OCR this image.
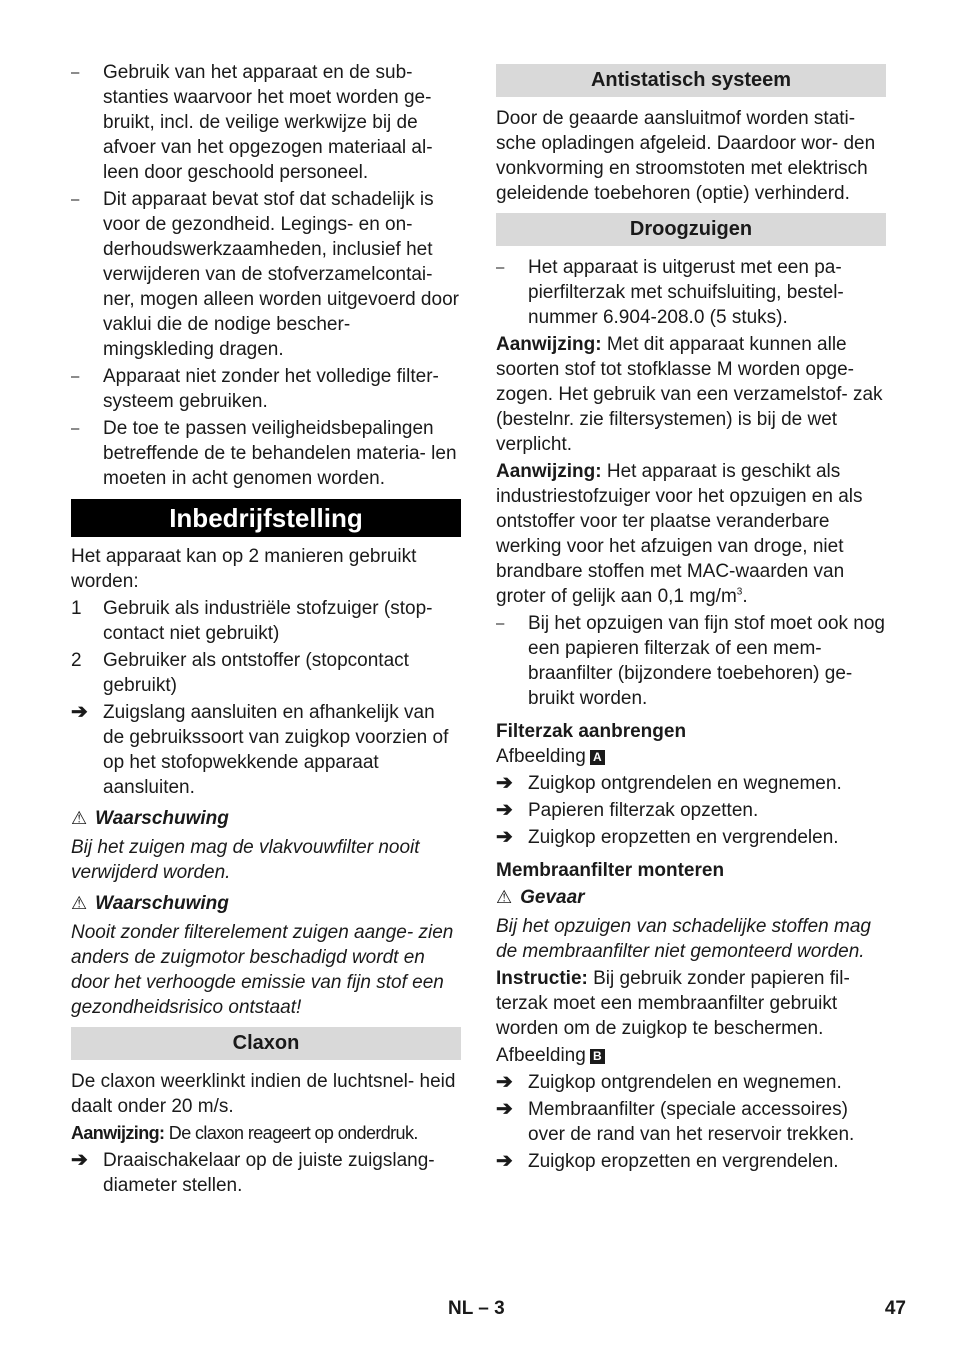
–	Gebruik van het apparaat en de sub- stanties waarvoor het moet worden ge- bruikt, incl. de veilige werkwijze bij de afvoer van het opgezogen materiaal al- leen door geschoold personeel.
–	Dit apparaat bevat stof dat schadelijk is voor de gezondheid. Legings- en on- derhoudswerkzaamheden, inclusief het verwijderen van de stofverzamelcontai- ner, mogen alleen worden uitgevoerd door vaklui die de nodige bescher- mingskleding dragen.
–	Apparaat niet zonder het volledige filter- systeem gebruiken.
–	De toe te passen veiligheidsbepalingen betreffende de te behandelen materia- len moeten in acht genomen worden.
Inbedrijfstelling

Het apparaat kan op 2 manieren gebruikt worden:

1	Gebruik als industriële stofzuiger (stop- contact niet gebruikt)
2	Gebruiker als ontstoffer (stopcontact gebruikt)
➔ Zuigslang aansluiten en afhankelijk van de gebruikssoort van zuigkop voorzien of op het stofopwekkende apparaat aansluiten.
⚠ Waarschuwing

Bij het zuigen mag de vlakvouwfilter nooit verwijderd worden.

⚠ Waarschuwing

Nooit zonder filterelement zuigen aange- zien anders de zuigmotor beschadigd wordt en door het verhoogde emissie van fijn stof een gezondheidsrisico ontstaat!

Claxon

De claxon weerklinkt indien de luchtsnel- heid daalt onder 20 m/s.

Aanwijzing: De claxon reageert op onderdruk.

➔ Draaischakelaar op de juiste zuigslang- diameter stellen.
Antistatisch systeem

Door de geaarde aansluitmof worden stati- sche opladingen afgeleid. Daardoor wor- den vonkvorming en stroomstoten met elektrisch geleidende toebehoren (optie) verhinderd.

Droogzuigen
–	Het apparaat is uitgerust met een pa- pierfilterzak met schuifsluiting, bestel- nummer 6.904-208.0 (5 stuks).

Aanwijzing: Met dit apparaat kunnen alle soorten stof tot stofklasse M worden opge- zogen. Het gebruik van een verzamelstof- zak (bestelnr. zie filtersystemen) is bij de wet verplicht.

Aanwijzing: Het apparaat is geschikt als industriestofzuiger voor het opzuigen en als ontstoffer voor ter plaatse veranderbare werking voor het afzuigen van droge, niet brandbare stoffen met MAC-waarden van groter of gelijk aan 0,1 $mg/m^3$.

–	Bij het opzuigen van fijn stof moet ook nog een papieren filterzak of een mem- braanfilter (bijzondere toebehoren) ge- bruikt worden.
Filterzak aanbrengen

Afbeelding A

➔ Zuigkop ontgrendelen en wegnemen.
➔ Papieren filterzak opzetten.
➔ Zuigkop eropzetten en vergrendelen.
Membraanfilter monteren
⚠ Gevaar

Bij het opzuigen van schadelijke stoffen mag de membraanfilter niet gemonteerd worden.

Instructie: Bij gebruik zonder papieren fil- terzak moet een membraanfilter gebruikt worden om de zuigkop te beschermen.

Afbeelding B

➔ Zuigkop ontgrendelen en wegnemen.
➔ Membraanfilter (speciale accessoires) over de rand van het reservoir trekken.
➔ Zuigkop eropzetten en vergrendelen.
NL – 3	47
